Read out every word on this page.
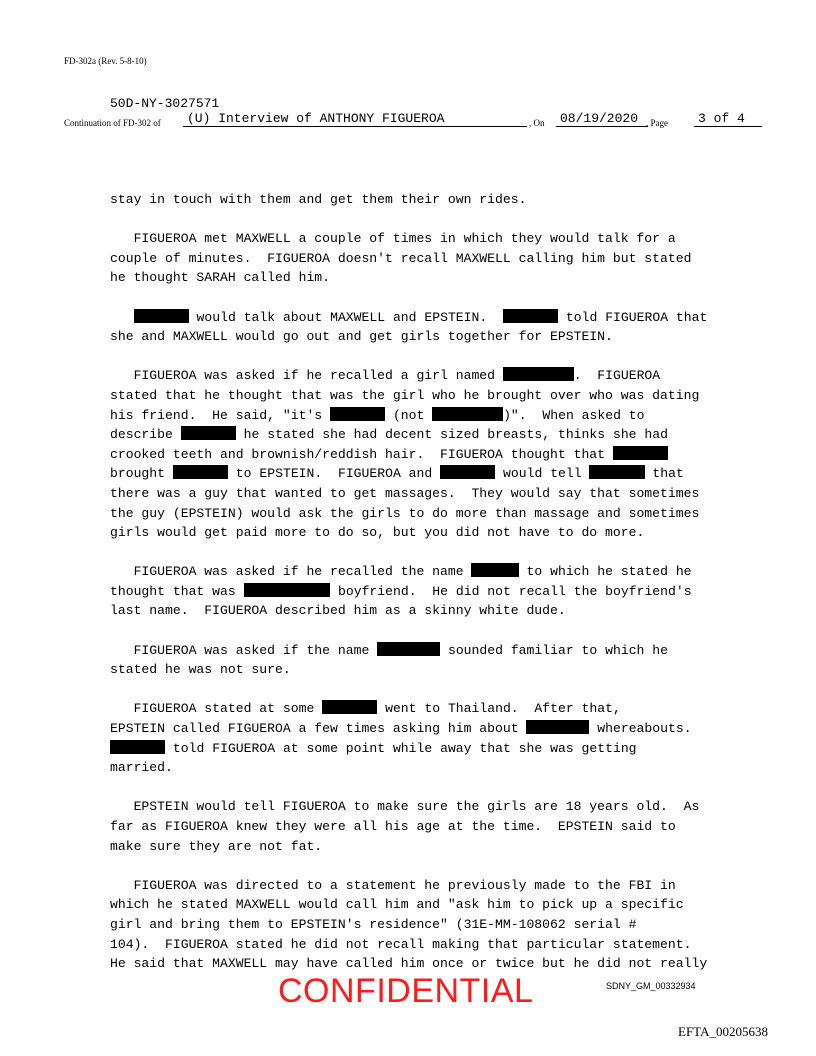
FD-302a (Rev. 5-8-10)
50D-NY-3027571
Continuation of FD-302 of	(U) Interview of ANTHONY FIGUEROA	, On	08/19/2020 , Page	3 of 4

stay in touch with them and get them their own rides.

FIGUEROA met MAXWELL a couple of times in which they would talk for a
couple of minutes.  FIGUEROA doesn't recall MAXWELL calling him but stated
he thought SARAH called him.

would talk about MAXWELL and EPSTEIN.	told FIGUEROA that
she and MAXWELL would go out and get girls together for EPSTEIN.

FIGUEROA was asked if he recalled a girl named	.  FIGUEROA
stated that he thought that was the girl who he brought over who was dating
his friend.  He said, "it's	(not	)".  When asked to
describe	he stated she had decent sized breasts, thinks she had
crooked teeth and brownish/reddish hair.  FIGUEROA thought that
brought	to EPSTEIN.  FIGUEROA and	would tell	that
there was a guy that wanted to get massages.  They would say that sometimes
the guy (EPSTEIN) would ask the girls to do more than massage and sometimes
girls would get paid more to do so, but you did not have to do more.

FIGUEROA was asked if he recalled the name	to which he stated he
thought that was	boyfriend.  He did not recall the boyfriend's
last name.  FIGUEROA described him as a skinny white dude.

FIGUEROA was asked if the name	sounded familiar to which he
stated he was not sure.

FIGUEROA stated at some	went to Thailand.  After that,
EPSTEIN called FIGUEROA a few times asking him about	whereabouts.
told FIGUEROA at some point while away that she was getting
married.

EPSTEIN would tell FIGUEROA to make sure the girls are 18 years old.  As
far as FIGUEROA knew they were all his age at the time.  EPSTEIN said to
make sure they are not fat.

FIGUEROA was directed to a statement he previously made to the FBI in
which he stated MAXWELL would call him and "ask him to pick up a specific
girl and bring them to EPSTEIN's residence" (31E-MM-108062 serial #
104).  FIGUEROA stated he did not recall making that particular statement.
He said that MAXWELL may have called him once or twice but he did not really

CONFIDENTIAL	SDNY_GM_00332934
EFTA_00205638
